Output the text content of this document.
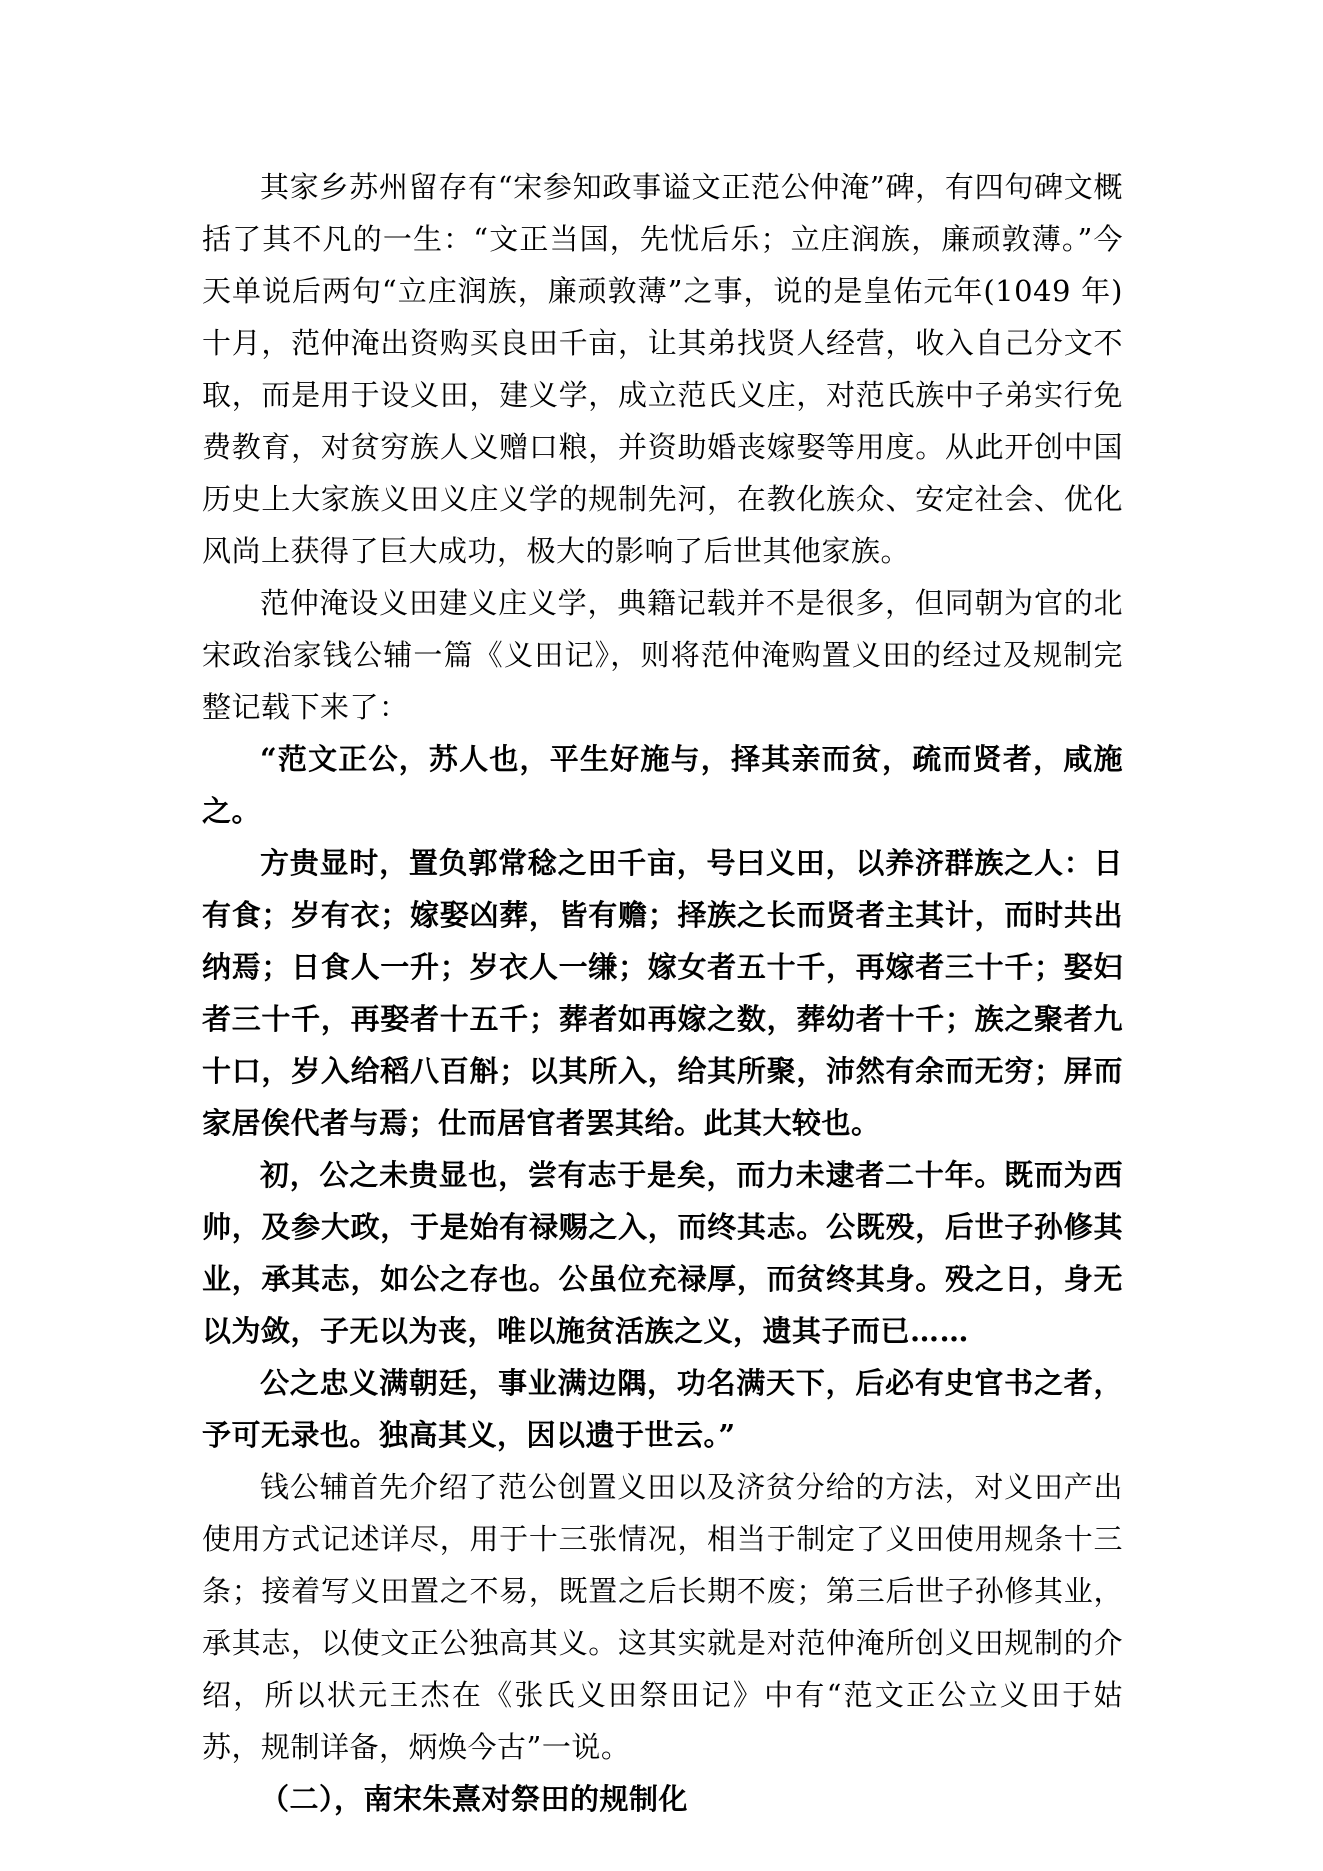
其家乡苏州留存有“宋参知政事谥文正范公仲淹”碑，有四句碑文概括了其不凡的一生：“文正当国，先忧后乐；立庄润族，廉顽敦薄。”今天单说后两句“立庄润族，廉顽敦薄”之事，说的是皇佑元年(1049 年)十月，范仲淹出资购买良田千亩，让其弟找贤人经营，收入自己分文不取，而是用于设义田，建义学，成立范氏义庄，对范氏族中子弟实行免费教育，对贫穷族人义赠口粮，并资助婚丧嫁娶等用度。从此开创中国历史上大家族义田义庄义学的规制先河，在教化族众、安定社会、优化风尚上获得了巨大成功，极大的影响了后世其他家族。

范仲淹设义田建义庄义学，典籍记载并不是很多，但同朝为官的北宋政治家钱公辅一篇《义田记》，则将范仲淹购置义田的经过及规制完整记载下来了：

“范文正公，苏人也，平生好施与，择其亲而贫，疏而贤者，咸施之。

方贵显时，置负郭常稔之田千亩，号曰义田，以养济群族之人：日有食；岁有衣；嫁娶凶葬，皆有赡；择族之长而贤者主其计，而时共出纳焉；日食人一升；岁衣人一缣；嫁女者五十千，再嫁者三十千；娶妇者三十千，再娶者十五千；葬者如再嫁之数，葬幼者十千；族之聚者九十口，岁入给稻八百斛；以其所入，给其所聚，沛然有余而无穷；屏而家居俟代者与焉；仕而居官者罢其给。此其大较也。

初，公之未贵显也，尝有志于是矣，而力未逮者二十年。既而为西帅，及参大政，于是始有禄赐之入，而终其志。公既殁，后世子孙修其业，承其志，如公之存也。公虽位充禄厚，而贫终其身。殁之日，身无以为敛，子无以为丧，唯以施贫活族之义，遗其子而已……

公之忠义满朝廷，事业满边隅，功名满天下，后必有史官书之者，予可无录也。独高其义，因以遗于世云。”

钱公辅首先介绍了范公创置义田以及济贫分给的方法，对义田产出使用方式记述详尽，用于十三张情况，相当于制定了义田使用规条十三条；接着写义田置之不易，既置之后长期不废；第三后世子孙修其业，承其志，以使文正公独高其义。这其实就是对范仲淹所创义田规制的介绍，所以状元王杰在《张氏义田祭田记》中有“范文正公立义田于姑苏，规制详备，炳焕今古”一说。

（二），南宋朱熹对祭田的规制化
